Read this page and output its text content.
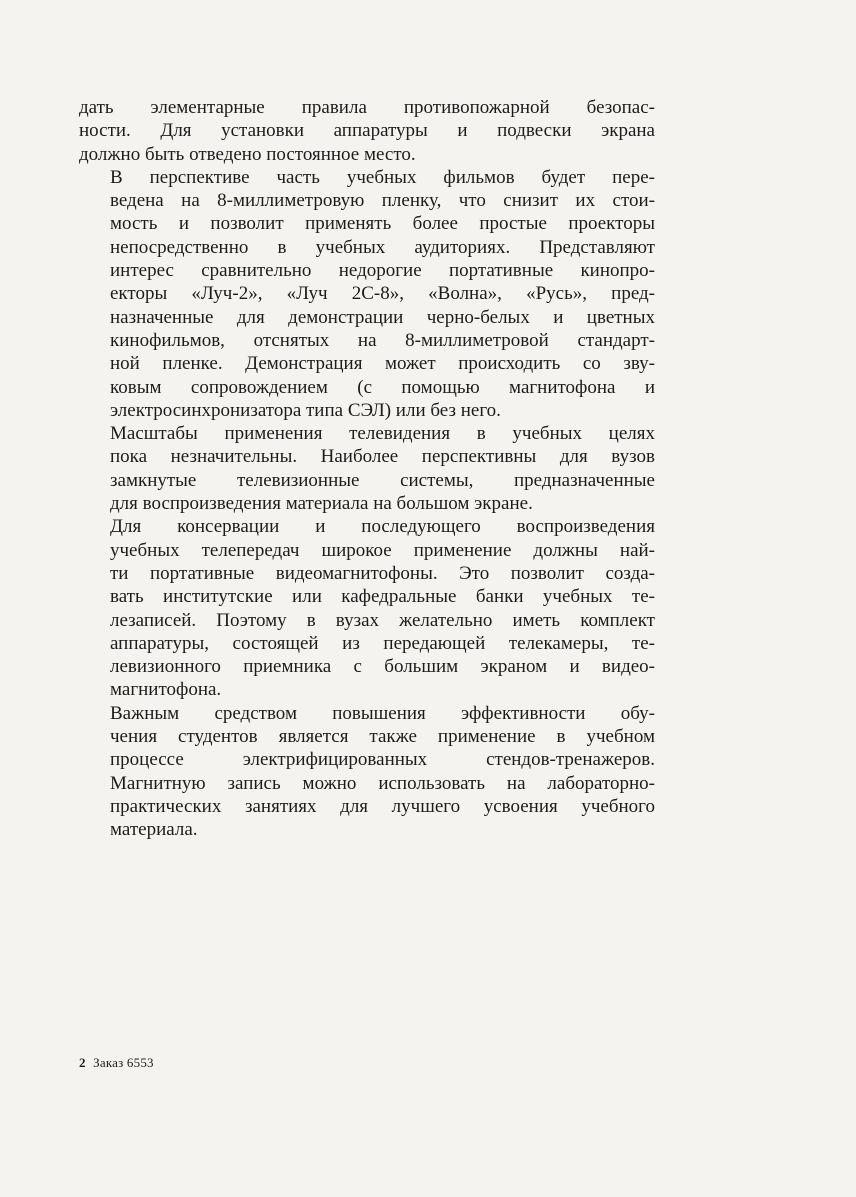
дать элементарные правила противопожарной безопас-
ности. Для установки аппаратуры и подвески экрана
должно быть отведено постоянное место.

В перспективе часть учебных фильмов будет пере-
ведена на 8-миллиметровую пленку, что снизит их стои-
мость и позволит применять более простые проекторы
непосредственно в учебных аудиториях. Представляют
интерес сравнительно недорогие портативные кинопро-
екторы «Луч-2», «Луч 2С-8», «Волна», «Русь», пред-
назначенные для демонстрации черно-белых и цветных
кинофильмов, отснятых на 8-миллиметровой стандарт-
ной пленке. Демонстрация может происходить со зву-
ковым сопровождением (с помощью магнитофона и
электросинхронизатора типа СЭЛ) или без него.

Масштабы применения телевидения в учебных целях
пока незначительны. Наиболее перспективны для вузов
замкнутые телевизионные системы, предназначенные
для воспроизведения материала на большом экране.

Для консервации и последующего воспроизведения
учебных телепередач широкое применение должны най-
ти портативные видеомагнитофоны. Это позволит созда-
вать институтские или кафедральные банки учебных те-
лезаписей. Поэтому в вузах желательно иметь комплект
аппаратуры, состоящей из передающей телекамеры, те-
левизионного приемника с большим экраном и видео-
магнитофона.

Важным средством повышения эффективности обу-
чения студентов является также применение в учебном
процессе электрифицированных стендов-тренажеров.
Магнитную запись можно использовать на лабораторно-
практических занятиях для лучшего усвоения учебного
материала.

2 Заказ 6553
